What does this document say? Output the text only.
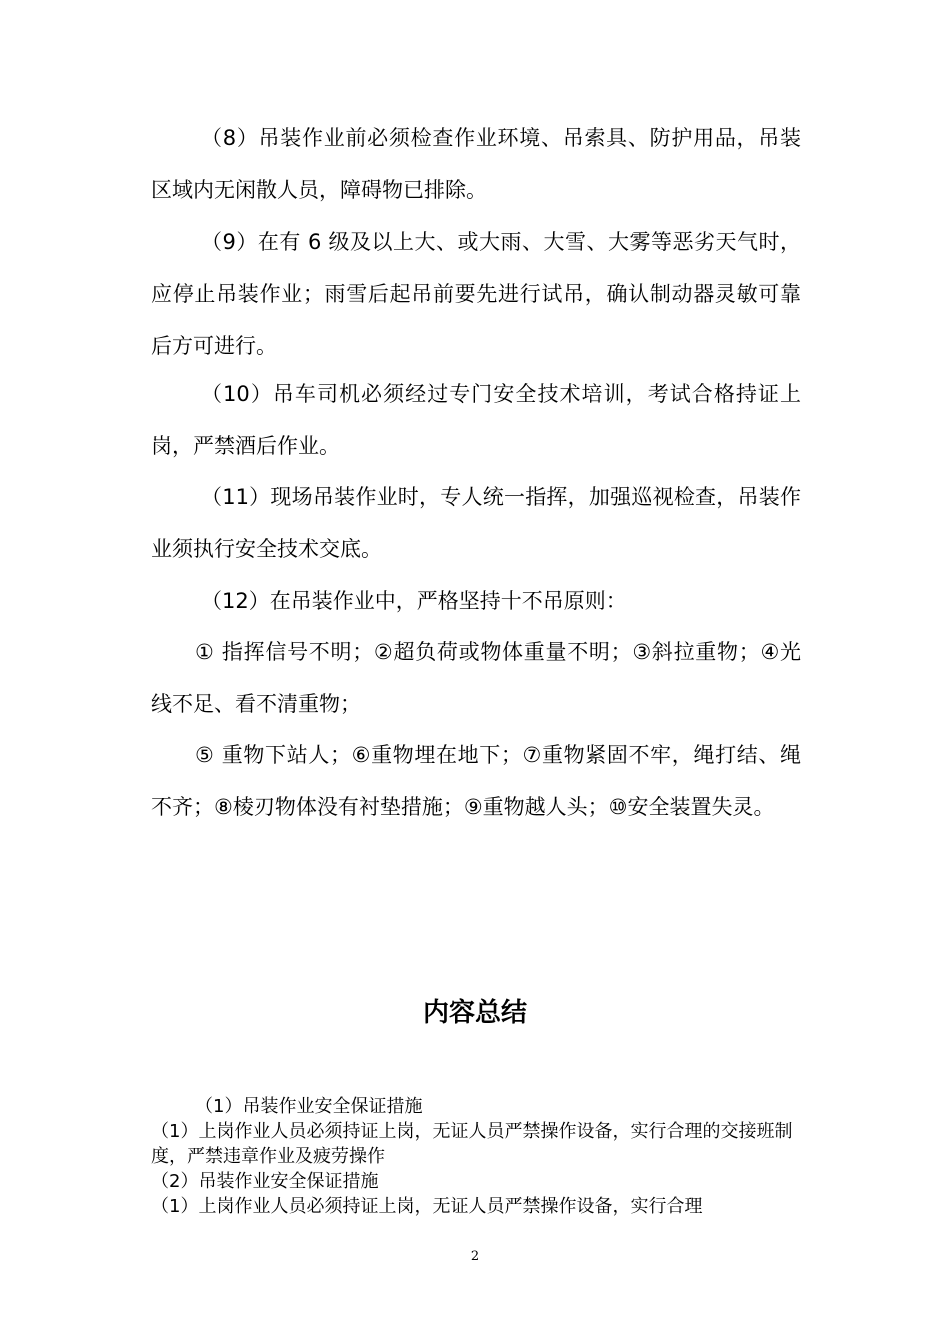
（8）吊装作业前必须检查作业环境、吊索具、防护用品，吊装区域内无闲散人员，障碍物已排除。

（9）在有 6 级及以上大、或大雨、大雪、大雾等恶劣天气时，应停止吊装作业；雨雪后起吊前要先进行试吊，确认制动器灵敏可靠后方可进行。

（10）吊车司机必须经过专门安全技术培训，考试合格持证上岗，严禁酒后作业。

（11）现场吊装作业时，专人统一指挥，加强巡视检查，吊装作业须执行安全技术交底。

（12）在吊装作业中，严格坚持十不吊原则：

① 指挥信号不明；②超负荷或物体重量不明；③斜拉重物；④光线不足、看不清重物；

⑤ 重物下站人；⑥重物埋在地下；⑦重物紧固不牢，绳打结、绳不齐；⑧棱刃物体没有衬垫措施；⑨重物越人头；⑩安全装置失灵。

内容总结

（1）吊装作业安全保证措施

（1）上岗作业人员必须持证上岗，无证人员严禁操作设备，实行合理的交接班制度，严禁违章作业及疲劳操作

（2）吊装作业安全保证措施

（1）上岗作业人员必须持证上岗，无证人员严禁操作设备，实行合理

2
